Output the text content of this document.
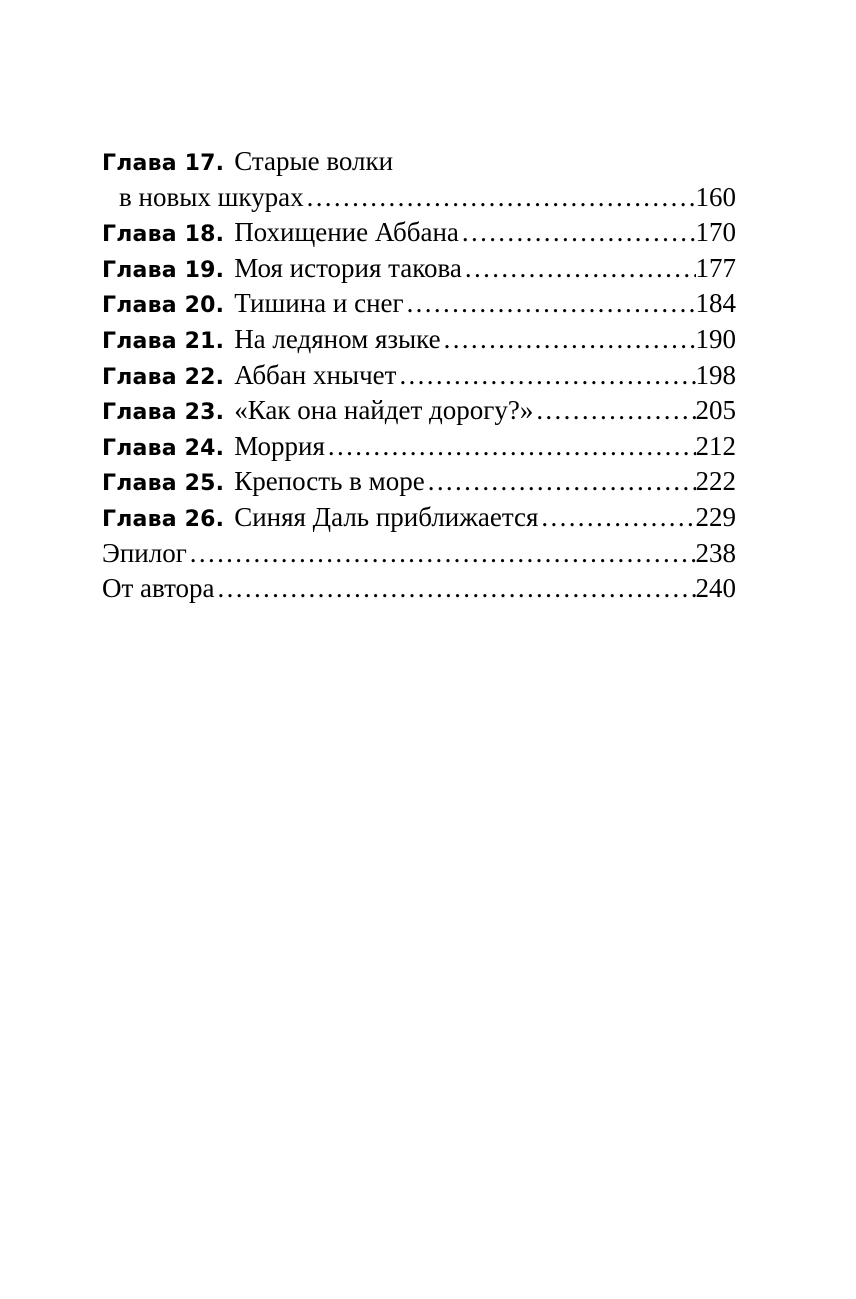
Глава 17. Старые волки
в новых шкурах . . .	160
Глава 18. Похищение Аббана . . .	170
Глава 19. Моя история такова . . .	177
Глава 20. Тишина и снег . . .	184
Глава 21. На ледяном языке . . .	190
Глава 22. Аббан хнычет . . .	198
Глава 23. «Как она найдет дорогу?» . . .	205
Глава 24. Моррия . . .	212
Глава 25. Крепость в море . . .	222
Глава 26. Синяя Даль приближается . . .	229
Эпилог . . .	238
От автора . . .	240
